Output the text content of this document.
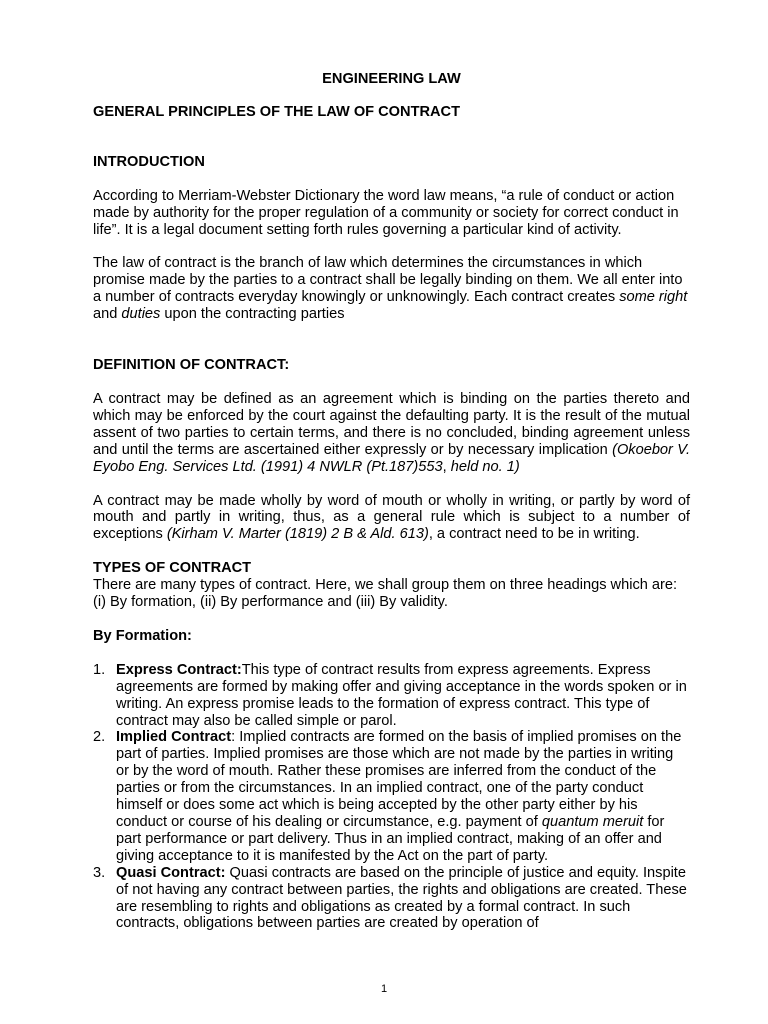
ENGINEERING LAW
GENERAL PRINCIPLES OF THE LAW OF CONTRACT
INTRODUCTION

According to Merriam-Webster Dictionary the word law means, “a rule of conduct or action made by authority for the proper regulation of a community or society for correct conduct in life”. It is a legal document setting forth rules governing a particular kind of activity.

The law of contract is the branch of law which determines the circumstances in which promise made by the parties to a contract shall be legally binding on them. We all enter into a number of contracts everyday knowingly or unknowingly. Each contract creates some right and duties upon the contracting parties

DEFINITION OF CONTRACT:

A contract may be defined as an agreement which is binding on the parties thereto and which may be enforced by the court against the defaulting party. It is the result of the mutual assent of two parties to certain terms, and there is no concluded, binding agreement unless and until the terms are ascertained either expressly or by necessary implication (Okoebor V. Eyobo Eng. Services Ltd. (1991) 4 NWLR (Pt.187)553, held no. 1)

A contract may be made wholly by word of mouth or wholly in writing, or partly by word of mouth and partly in writing, thus, as a general rule which is subject to a number of exceptions (Kirham V. Marter (1819) 2 B & Ald. 613), a contract need to be in writing.

TYPES OF CONTRACT

There are many types of contract. Here, we shall group them on three headings which are: (i) By formation, (ii) By performance and (iii) By validity.

By Formation:
1. Express Contract:This type of contract results from express agreements. Express agreements are formed by making offer and giving acceptance in the words spoken or in writing. An express promise leads to the formation of express contract. This type of contract may also be called simple or parol.
2. Implied Contract: Implied contracts are formed on the basis of implied promises on the part of parties. Implied promises are those which are not made by the parties in writing or by the word of mouth. Rather these promises are inferred from the conduct of the parties or from the circumstances. In an implied contract, one of the party conduct himself or does some act which is being accepted by the other party either by his conduct or course of his dealing or circumstance, e.g. payment of quantum meruit for part performance or part delivery. Thus in an implied contract, making of an offer and giving acceptance to it is manifested by the Act on the part of party.
3. Quasi Contract: Quasi contracts are based on the principle of justice and equity. Inspite of not having any contract between parties, the rights and obligations are created. These are resembling to rights and obligations as created by a formal contract. In such contracts, obligations between parties are created by operation of
1
